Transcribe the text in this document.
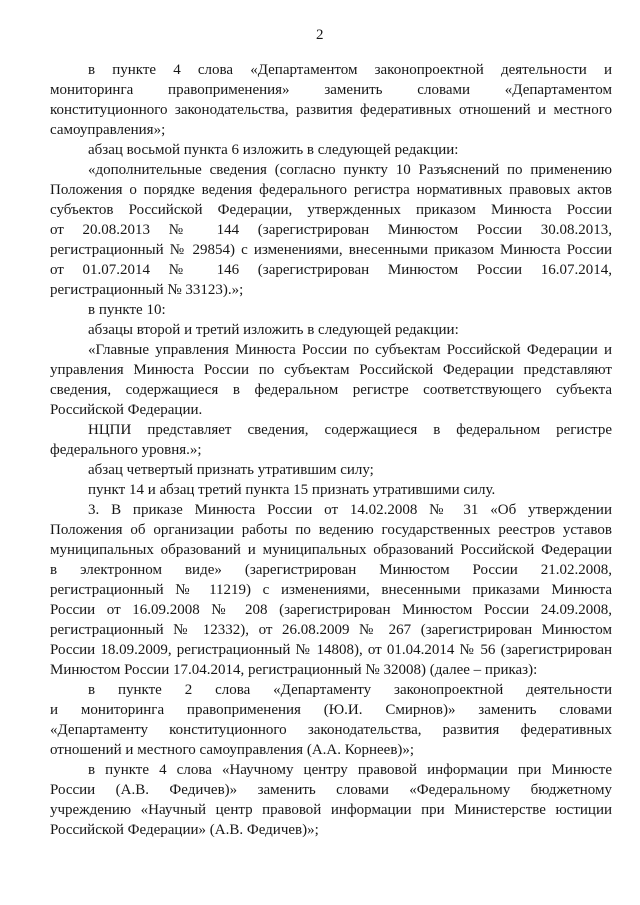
2
в пункте 4 слова «Департаментом законопроектной деятельности и
мониторинга правоприменения» заменить словами «Департаментом
конституционного законодательства, развития федеративных отношений и местного
самоуправления»;
абзац восьмой пункта 6 изложить в следующей редакции:
«дополнительные сведения (согласно пункту 10 Разъяснений по применению
Положения о порядке ведения федерального регистра нормативных правовых актов
субъектов Российской Федерации, утвержденных приказом Минюста России
от 20.08.2013 № 144 (зарегистрирован Минюстом России 30.08.2013,
регистрационный № 29854) с изменениями, внесенными приказом Минюста России
от 01.07.2014 № 146 (зарегистрирован Минюстом России 16.07.2014,
регистрационный № 33123).»;
в пункте 10:
абзацы второй и третий изложить в следующей редакции:
«Главные управления Минюста России по субъектам Российской Федерации и
управления Минюста России по субъектам Российской Федерации представляют
сведения, содержащиеся в федеральном регистре соответствующего субъекта
Российской Федерации.
НЦПИ представляет сведения, содержащиеся в федеральном регистре
федерального уровня.»;
абзац четвертый признать утратившим силу;
пункт 14 и абзац третий пункта 15 признать утратившими силу.
3. В приказе Минюста России от 14.02.2008 № 31 «Об утверждении
Положения об организации работы по ведению государственных реестров уставов
муниципальных образований и муниципальных образований Российской Федерации
в электронном виде» (зарегистрирован Минюстом России 21.02.2008,
регистрационный № 11219) с изменениями, внесенными приказами Минюста
России от 16.09.2008 № 208 (зарегистрирован Минюстом России 24.09.2008,
регистрационный № 12332), от 26.08.2009 № 267 (зарегистрирован Минюстом
России 18.09.2009, регистрационный № 14808), от 01.04.2014 № 56 (зарегистрирован
Минюстом России 17.04.2014, регистрационный № 32008) (далее – приказ):
в пункте 2 слова «Департаменту законопроектной деятельности
и мониторинга правоприменения (Ю.И. Смирнов)» заменить словами
«Департаменту конституционного законодательства, развития федеративных
отношений и местного самоуправления (А.А. Корнеев)»;
в пункте 4 слова «Научному центру правовой информации при Минюсте
России (А.В. Федичев)» заменить словами «Федеральному бюджетному
учреждению «Научный центр правовой информации при Министерстве юстиции
Российской Федерации» (А.В. Федичев)»;
